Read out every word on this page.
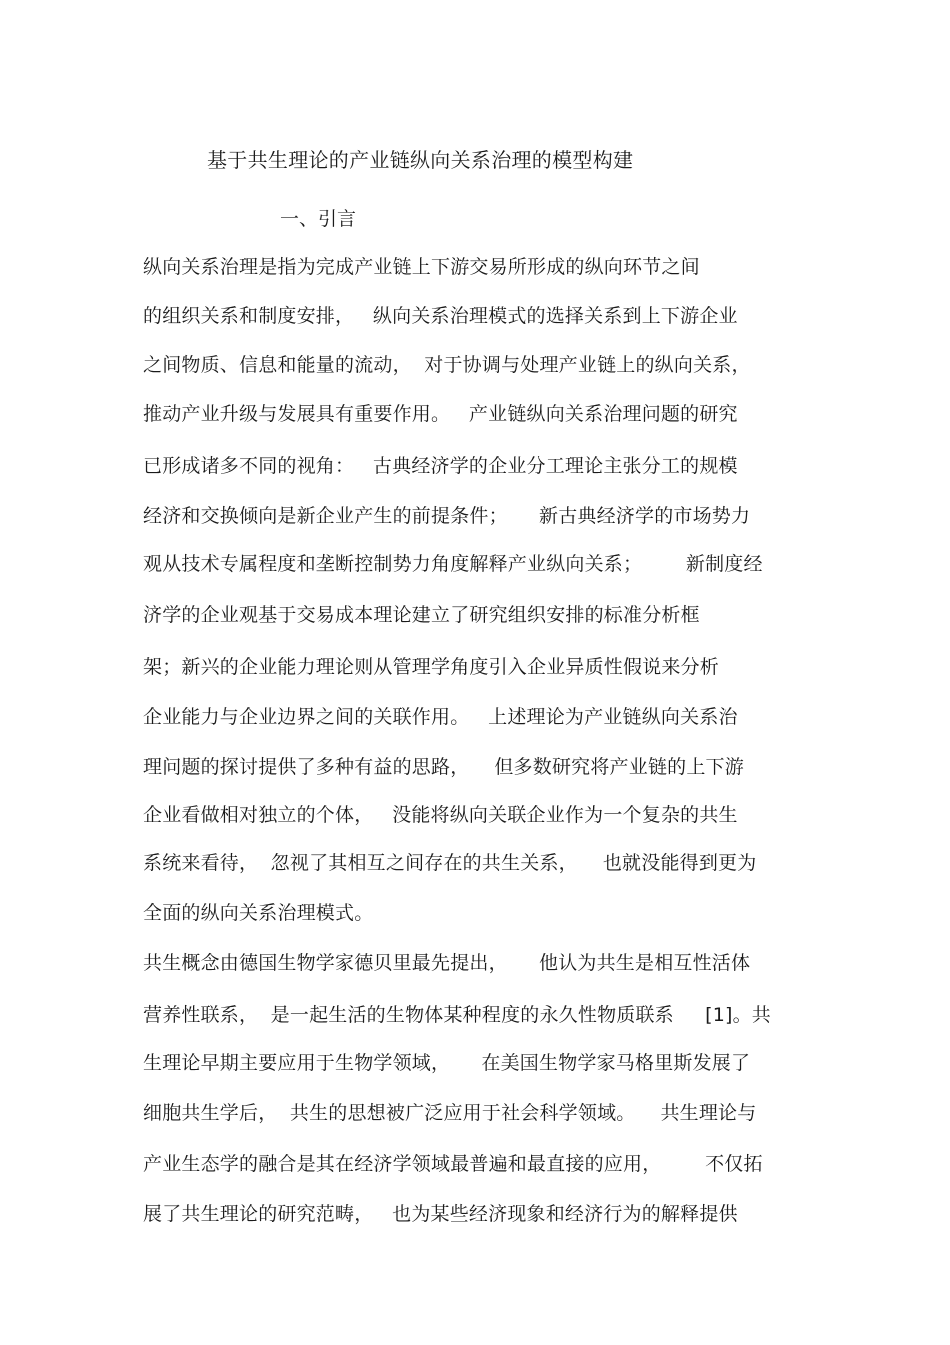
基于共生理论的产业链纵向关系治理的模型构建
一、引言
纵向关系治理是指为完成产业链上下游交易所形成的纵向环节之间
的组织关系和制度安排，   纵向关系治理模式的选择关系到上下游企业
之间物质、信息和能量的流动，  对于协调与处理产业链上的纵向关系，
推动产业升级与发展具有重要作用。   产业链纵向关系治理问题的研究
已形成诸多不同的视角：   古典经济学的企业分工理论主张分工的规模
经济和交换倾向是新企业产生的前提条件；     新古典经济学的市场势力
观从技术专属程度和垄断控制势力角度解释产业纵向关系；       新制度经
济学的企业观基于交易成本理论建立了研究组织安排的标准分析框
架；新兴的企业能力理论则从管理学角度引入企业异质性假说来分析
企业能力与企业边界之间的关联作用。   上述理论为产业链纵向关系治
理问题的探讨提供了多种有益的思路，    但多数研究将产业链的上下游
企业看做相对独立的个体，   没能将纵向关联企业作为一个复杂的共生
系统来看待，  忽视了其相互之间存在的共生关系，    也就没能得到更为
全面的纵向关系治理模式。
共生概念由德国生物学家德贝里最先提出，     他认为共生是相互性活体
营养性联系，  是一起生活的生物体某种程度的永久性物质联系     [1]。共
生理论早期主要应用于生物学领域，     在美国生物学家马格里斯发展了
细胞共生学后，  共生的思想被广泛应用于社会科学领域。    共生理论与
产业生态学的融合是其在经济学领域最普遍和最直接的应用，       不仅拓
展了共生理论的研究范畴，   也为某些经济现象和经济行为的解释提供
